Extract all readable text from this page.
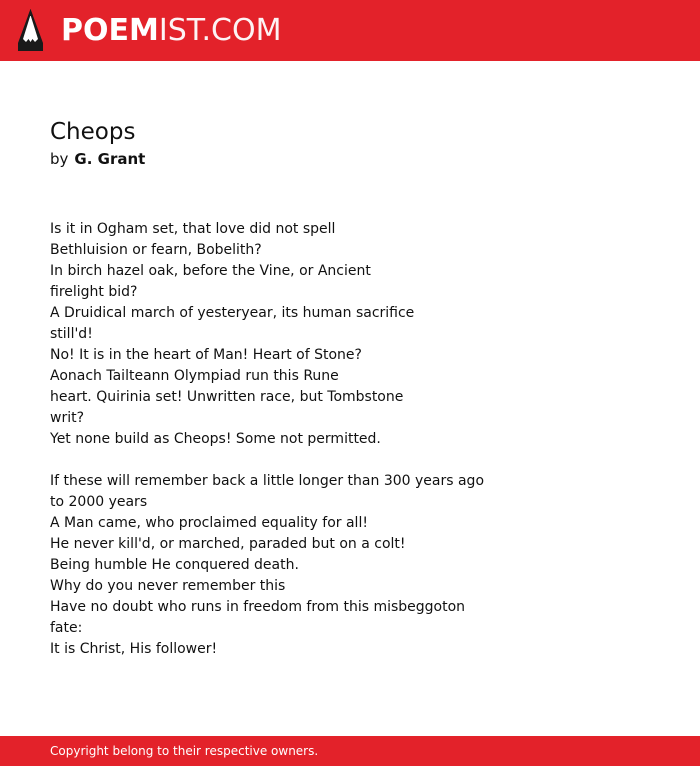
POEMIST.COM
Cheops
by G. Grant
Is it in Ogham set, that love did not spell
Bethluision or fearn, Bobelith?
In birch hazel oak, before the Vine, or Ancient
firelight bid?
A Druidical march of yesteryear, its human sacrifice
still'd!
No! It is in the heart of Man! Heart of Stone?
Aonach Tailteann Olympiad run this Rune
heart. Quirinia set! Unwritten race, but Tombstone
writ?
Yet none build as Cheops! Some not permitted.
If these will remember back a little longer than 300 years ago
to 2000 years
A Man came, who proclaimed equality for all!
He never kill'd, or marched, paraded but on a colt!
Being humble He conquered death.
Why do you never remember this
Have no doubt who runs in freedom from this misbeggoton
fate:
It is Christ, His follower!
Copyright belong to their respective owners.
